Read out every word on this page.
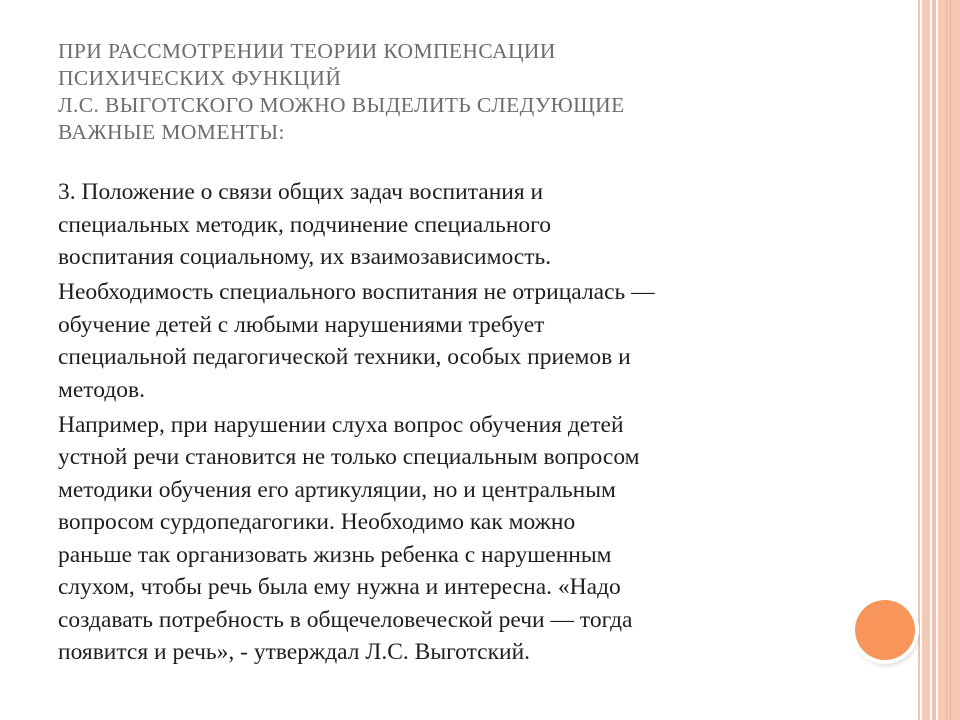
ПРИ РАССМОТРЕНИИ ТЕОРИИ КОМПЕНСАЦИИ
ПСИХИЧЕСКИХ ФУНКЦИЙ
Л.С. ВЫГОТСКОГО МОЖНО ВЫДЕЛИТЬ СЛЕДУЮЩИЕ
ВАЖНЫЕ МОМЕНТЫ:

3. Положение о связи общих задач воспитания и
специальных методик, подчинение специального
воспитания социальному, их взаимозависимость.

Необходимость специального воспитания не отрицалась —
обучение детей с любыми нарушениями требует
специальной педагогической техники, особых приемов и
методов.

Например, при нарушении слуха вопрос обучения детей
устной речи становится не только специальным вопросом
методики обучения его артикуляции, но и центральным
вопросом сурдопедагогики. Необходимо как можно
раньше так организовать жизнь ребенка с нарушенным
слухом, чтобы речь была ему нужна и интересна. «Надо
создавать потребность в общечеловеческой речи — тогда
появится и речь», - утверждал Л.С. Выготский.
